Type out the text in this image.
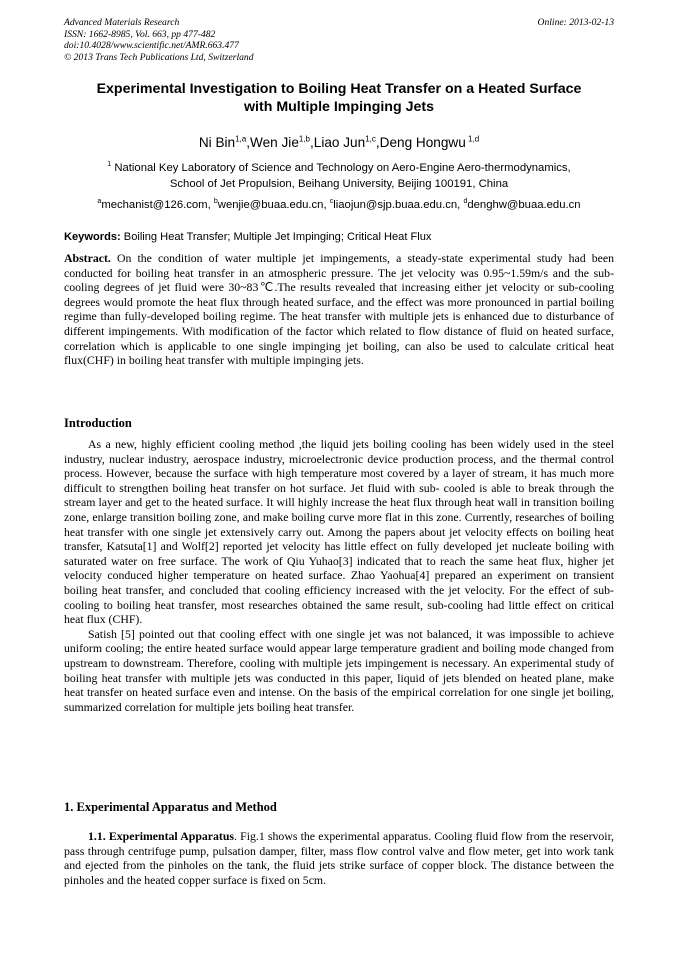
Advanced Materials Research
ISSN: 1662-8985, Vol. 663, pp 477-482
doi:10.4028/www.scientific.net/AMR.663.477
© 2013 Trans Tech Publications Ltd, Switzerland
Online: 2013-02-13
Experimental Investigation to Boiling Heat Transfer on a Heated Surface
with Multiple Impinging Jets
Ni Bin$^{1,a}$,Wen Jie$^{1,b}$,Liao Jun$^{1,c}$,Deng Hongwu $^{1,d}$
$^1$ National Key Laboratory of Science and Technology on Aero-Engine Aero-thermodynamics,
School of Jet Propulsion, Beihang University, Beijing 100191, China
$^a$mechanist@126.com, $^b$wenjie@buaa.edu.cn, $^c$liaojun@sjp.buaa.edu.cn, $^d$denghw@buaa.edu.cn
Keywords: Boiling Heat Transfer; Multiple Jet Impinging; Critical Heat Flux

Abstract. On the condition of water multiple jet impingements, a steady-state experimental study had been conducted for boiling heat transfer in an atmospheric pressure. The jet velocity was 0.95~1.59m/s and the sub-cooling degrees of jet fluid were 30~83℃.The results revealed that increasing either jet velocity or sub-cooling degrees would promote the heat flux through heated surface, and the effect was more pronounced in partial boiling regime than fully-developed boiling regime. The heat transfer with multiple jets is enhanced due to disturbance of different impingements. With modification of the factor which related to flow distance of fluid on heated surface, correlation which is applicable to one single impinging jet boiling, can also be used to calculate critical heat flux(CHF) in boiling heat transfer with multiple impinging jets.

Introduction

As a new, highly efficient cooling method ,the liquid jets boiling cooling has been widely used in the steel industry, nuclear industry, aerospace industry, microelectronic device production process, and the thermal control process. However, because the surface with high temperature most covered by a layer of stream, it has much more difficult to strengthen boiling heat transfer on hot surface. Jet fluid with sub- cooled is able to break through the stream layer and get to the heated surface. It will highly increase the heat flux through heat wall in transition boiling zone, enlarge transition boiling zone, and make boiling curve more flat in this zone. Currently, researches of boiling heat transfer with one single jet extensively carry out. Among the papers about jet velocity effects on boiling heat transfer, Katsuta[1] and Wolf[2] reported jet velocity has little effect on fully developed jet nucleate boiling with saturated water on free surface. The work of Qiu Yuhao[3] indicated that to reach the same heat flux, higher jet velocity conduced higher temperature on heated surface. Zhao Yaohua[4] prepared an experiment on transient boiling heat transfer, and concluded that cooling efficiency increased with the jet velocity. For the effect of sub-cooling to boiling heat transfer, most researches obtained the same result, sub-cooling had little effect on critical heat flux (CHF).

Satish [5] pointed out that cooling effect with one single jet was not balanced, it was impossible to achieve uniform cooling; the entire heated surface would appear large temperature gradient and boiling mode changed from upstream to downstream. Therefore, cooling with multiple jets impingement is necessary. An experimental study of boiling heat transfer with multiple jets was conducted in this paper, liquid of jets blended on heated plane, make heat transfer on heated surface even and intense. On the basis of the empirical correlation for one single jet boiling, summarized correlation for multiple jets boiling heat transfer.

1. Experimental Apparatus and Method

1.1. Experimental Apparatus. Fig.1 shows the experimental apparatus. Cooling fluid flow from the reservoir, pass through centrifuge pump, pulsation damper, filter, mass flow control valve and flow meter, get into work tank and ejected from the pinholes on the tank, the fluid jets strike surface of copper block. The distance between the pinholes and the heated copper surface is fixed on 5cm.
